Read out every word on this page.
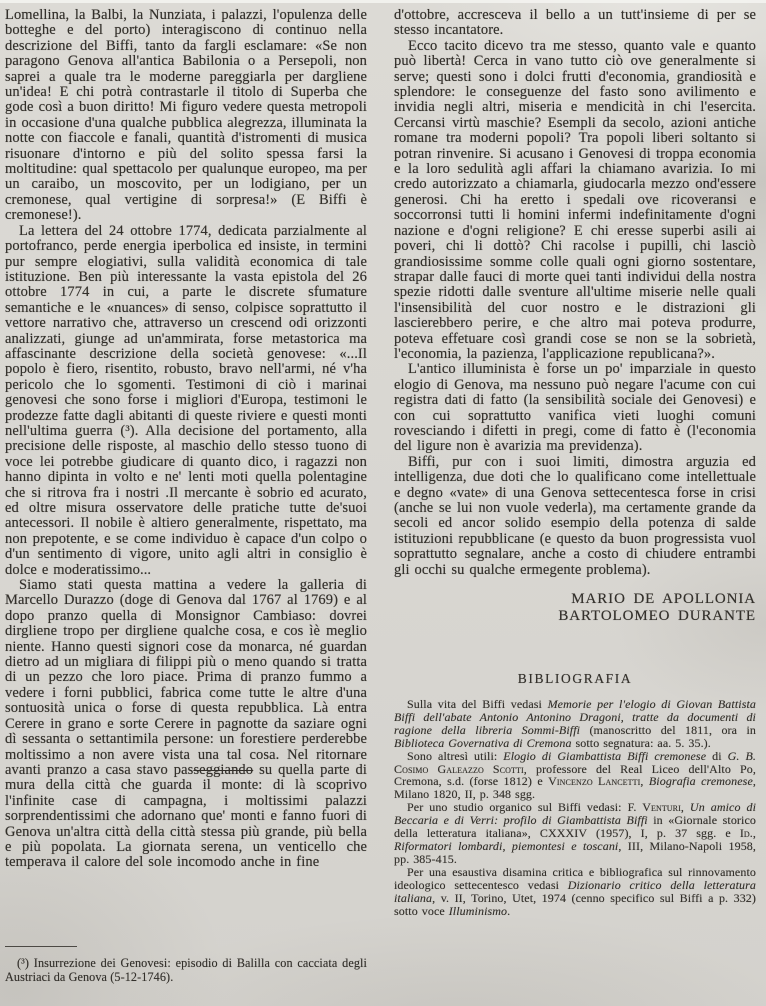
Lomellina, la Balbi, la Nunziata, i palazzi, l'opulenza delle botteghe e del porto) interagiscono di continuo nella descrizione del Biffi, tanto da fargli esclamare: «Se non paragono Genova all'antica Babilonia o a Persepoli, non saprei a quale tra le moderne pareggiarla per dargliene un'idea! E chi potrà contrastarle il titolo di Superba che gode così a buon diritto! Mi figuro vedere questa metropoli in occasione d'una qualche pubblica alegrezza, illuminata la notte con fiaccole e fanali, quantità d'istromenti di musica risuonare d'intorno e più del solito spessa farsi la moltitudine: qual spettacolo per qualunque europeo, ma per un caraibo, un moscovito, per un lodigiano, per un cremonese, qual vertigine di sorpresa!» (E Biffi è cremonese!).

La lettera del 24 ottobre 1774, dedicata parzialmente al portofranco, perde energia iperbolica ed insiste, in termini pur sempre elogiativi, sulla validità economica di tale istituzione. Ben più interessante la vasta epistola del 26 ottobre 1774 in cui, a parte le discrete sfumature semantiche e le «nuances» di senso, colpisce soprattutto il vettore narrativo che, attraverso un crescend odi orizzonti analizzati, giunge ad un'ammirata, forse metastorica ma affascinante descrizione della società genovese: «...Il popolo è fiero, risentito, robusto, bravo nell'armi, né v'ha pericolo che lo sgomenti. Testimoni di ciò i marinai genovesi che sono forse i migliori d'Europa, testimoni le prodezze fatte dagli abitanti di queste riviere e questi monti nell'ultima guerra (³). Alla decisione del portamento, alla precisione delle risposte, al maschio dello stesso tuono di voce lei potrebbe giudicare di quanto dico, i ragazzi non hanno dipinta in volto e ne' lenti moti quella polentagine che si ritrova fra i nostri .Il mercante è sobrio ed acurato, ed oltre misura osservatore delle pratiche tutte de'suoi antecessori. Il nobile è altiero generalmente, rispettato, ma non prepotente, e se come individuo è capace d'un colpo o d'un sentimento di vigore, unito agli altri in consiglio è dolce e moderatissimo...

Siamo stati questa mattina a vedere la galleria di Marcello Durazzo (doge di Genova dal 1767 al 1769) e al dopo pranzo quella di Monsignor Cambiaso: dovrei dirgliene tropo per dirgliene qualche cosa, e cos ìè meglio niente. Hanno questi signori cose da monarca, né guardan dietro ad un migliara di filippi più o meno quando si tratta di un pezzo che loro piace. Prima di pranzo fummo a vedere i forni pubblici, fabrica come tutte le altre d'una sontuosità unica o forse di questa repubblica. Là entra Cerere in grano e sorte Cerere in pagnotte da saziare ogni dì sessanta o settantimila persone: un forestiere perderebbe moltissimo a non avere vista una tal cosa. Nel ritornare avanti pranzo a casa stavo passeggiando su quella parte di mura della città che guarda il monte: di là scoprivo l'infinite case di campagna, i moltissimi palazzi sorprendentissimi che adornano que' monti e fanno fuori di Genova un'altra città della città stessa più grande, più bella e più popolata. La giornata serena, un venticello che temperava il calore del sole incomodo anche in fine

(³) Insurrezione dei Genovesi: episodio di Balilla con cacciata degli Austriaci da Genova (5-12-1746).

d'ottobre, accresceva il bello a un tutt'insieme di per se stesso incantatore.

Ecco tacito dicevo tra me stesso, quanto vale e quanto può libertà! Cerca in vano tutto ciò ove generalmente si serve; questi sono i dolci frutti d'economia, grandiosità e splendore: le conseguenze del fasto sono avilimento e invidia negli altri, miseria e mendicità in chi l'esercita. Cercansi virtù maschie? Esempli da secolo, azioni antiche romane tra moderni popoli? Tra popoli liberi soltanto si potran rinvenire. Si acusano i Genovesi di troppa economia e la loro sedulità agli affari la chiamano avarizia. Io mi credo autorizzato a chiamarla, giudocarla mezzo ond'essere generosi. Chi ha eretto i spedali ove ricoveransi e soccorronsi tutti li homini infermi indefinitamente d'ogni nazione e d'ogni religione? E chi eresse superbi asili ai poveri, chi li dottò? Chi racolse i pupilli, chi lasciò grandiosissime somme colle quali ogni giorno sostentare, strapar dalle fauci di morte quei tanti individui della nostra spezie ridotti dalle sventure all'ultime miserie nelle quali l'insensibilità del cuor nostro e le distrazioni gli lascierebbero perire, e che altro mai poteva produrre, poteva effetuare così grandi cose se non se la sobrietà, l'economia, la pazienza, l'applicazione republicana?».

L'antico illuminista è forse un po' imparziale in questo elogio di Genova, ma nessuno può negare l'acume con cui registra dati di fatto (la sensibilità sociale dei Genovesi) e con cui soprattutto vanifica vieti luoghi comuni rovesciando i difetti in pregi, come di fatto è (l'economia del ligure non è avarizia ma previdenza).

Biffi, pur con i suoi limiti, dimostra arguzia ed intelligenza, due doti che lo qualificano come intellettuale e degno «vate» di una Genova settecentesca forse in crisi (anche se lui non vuole vederla), ma certamente grande da secoli ed ancor solido esempio della potenza di salde istituzioni repubblicane (e questo da buon progressista vuol soprattutto segnalare, anche a costo di chiudere entrambi gli occhi su qualche ermegente problema).

MARIO DE APOLLONIA
BARTOLOMEO DURANTE
BIBLIOGRAFIA

Sulla vita del Biffi vedasi Memorie per l'elogio di Giovan Battista Biffi dell'abate Antonio Antonino Dragoni, tratte da documenti di ragione della libreria Sommi-Biffi (manoscritto del 1811, ora in Biblioteca Governativa di Cremona sotto segnatura: aa. 5. 35.).

Sono altresì utili: Elogio di Giambattista Biffi cremonese di G. B. Cosimo Galeazzo Scotti, professore del Real Liceo dell'Alto Po, Cremona, s.d. (forse 1812) e Vincenzo Lancetti, Biografia cremonese, Milano 1820, II, p. 348 sgg.

Per uno studio organico sul Biffi vedasi: F. Venturi, Un amico di Beccaria e di Verri: profilo di Giambattista Biffi in «Giornale storico della letteratura italiana», CXXXIV (1957), I, p. 37 sgg. e Id., Riformatori lombardi, piemontesi e toscani, III, Milano-Napoli 1958, pp. 385-415.

Per una esaustiva disamina critica e bibliografica sul rinnovamento ideologico settecentesco vedasi Dizionario critico della letteratura italiana, v. II, Torino, Utet, 1974 (cenno specifico sul Biffi a p. 332) sotto voce Illuminismo.
